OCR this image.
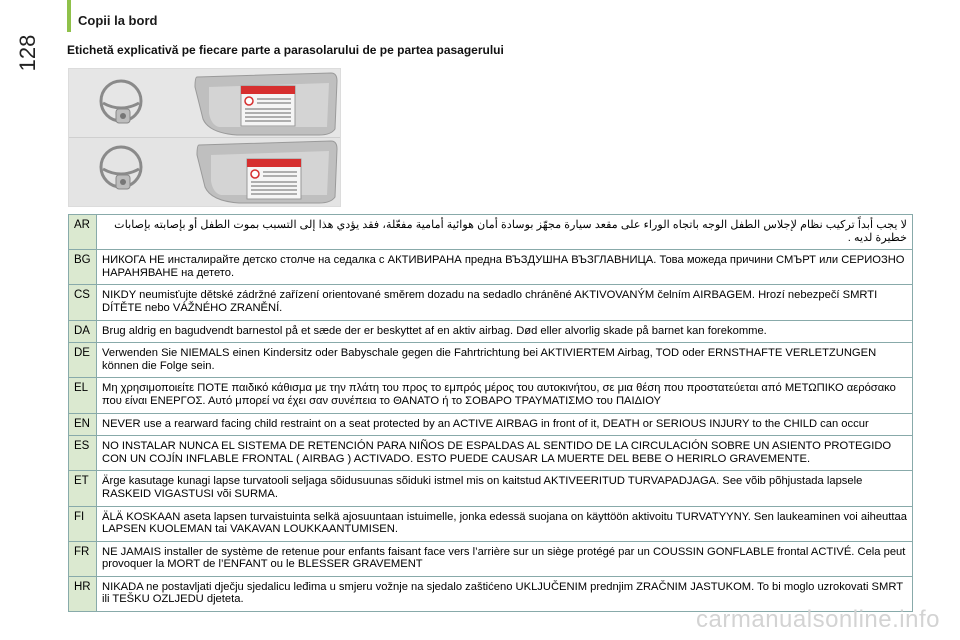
128
Copii la bord
Etichetă explicativă pe fiecare parte a parasolarului de pe partea pasagerului
AR	لا يجب أبداً تركيب نظام لإجلاس الطفل الوجه باتجاه الوراء على مقعد سيارة مجهّز بوسادة أمان هوائية أمامية مفعّلة، فقد يؤدي هذا إلى التسبب بموت الطفل أو بإصابته بإصابات خطيرة لديه .
BG	НИКОГА НЕ инсталирайте детско столче на седалка с АКТИВИРАНА предна ВЪЗДУШНА ВЪЗГЛАВНИЦА. Това можеда причини СМЪРТ или СЕРИОЗНО НАРАНЯВАНЕ на детето.
CS	NIKDY neumisťujte dětské zádržné zařízení orientované směrem dozadu na sedadlo chráněné AKTIVOVANÝM čelním AIRBAGEM. Hrozí nebezpečí SMRTI DÍTĚTE nebo VÁŽNÉHO ZRANĚNÍ.
DA	Brug aldrig en bagudvendt barnestol på et sæde der er beskyttet af en aktiv airbag. Død eller alvorlig skade på barnet kan forekomme.
DE	Verwenden Sie NIEMALS einen Kindersitz oder Babyschale gegen die Fahrtrichtung bei AKTIVIERTEM Airbag, TOD oder ERNSTHAFTE VERLETZUNGEN können die Folge sein.
EL	Μη χρησιμοποιείτε ΠΟΤΕ παιδικό κάθισμα με την πλάτη του προς το εμπρός μέρος του αυτοκινήτου, σε μια θέση που προστατεύεται από ΜΕΤΩΠΙΚΟ αερόσακο που είναι ΕΝΕΡΓΟΣ. Αυτό μπορεί να έχει σαν συνέπεια το ΘΑΝΑΤΟ ή το ΣΟΒΑΡΟ ΤΡΑΥΜΑΤΙΣΜΟ του ΠΑΙΔΙΟΥ
EN	NEVER use a rearward facing child restraint on a seat protected by an ACTIVE AIRBAG in front of it, DEATH or SERIOUS INJURY to the CHILD can occur
ES	NO INSTALAR NUNCA EL SISTEMA DE RETENCIÓN PARA NIÑOS DE ESPALDAS AL SENTIDO DE LA CIRCULACIÓN SOBRE UN ASIENTO PROTEGIDO CON UN COJÍN INFLABLE FRONTAL ( AIRBAG ) ACTIVADO. ESTO PUEDE CAUSAR LA MUERTE DEL BEBE O HERIRLO GRAVEMENTE.
ET	Ärge kasutage kunagi lapse turvatooli seljaga sõidusuunas sõiduki istmel mis on kaitstud AKTIVEERITUD TURVAPADJAGA. See võib põhjustada lapsele RASKEID VIGASTUSI või SURMA.
FI	ÄLÄ KOSKAAN aseta lapsen turvaistuinta selkä ajosuuntaan istuimelle, jonka edessä suojana on käyttöön aktivoitu TURVATYYNY. Sen laukeaminen voi aiheuttaa LAPSEN KUOLEMAN tai VAKAVAN LOUKKAANTUMISEN.
FR	NE JAMAIS installer de système de retenue pour enfants faisant face vers l’arrière sur un siège protégé par un COUSSIN GONFLABLE frontal ACTIVÉ. Cela peut provoquer la MORT de l’ENFANT ou le BLESSER GRAVEMENT
HR	NIKADA ne postavljati dječju sjedalicu leđima u smjeru vožnje na sjedalo zaštićeno UKLJUČENIM prednjim ZRAČNIM JASTUKOM. To bi moglo uzrokovati SMRT ili TEŠKU OZLJEDU djeteta.
carmanualsonline.info
